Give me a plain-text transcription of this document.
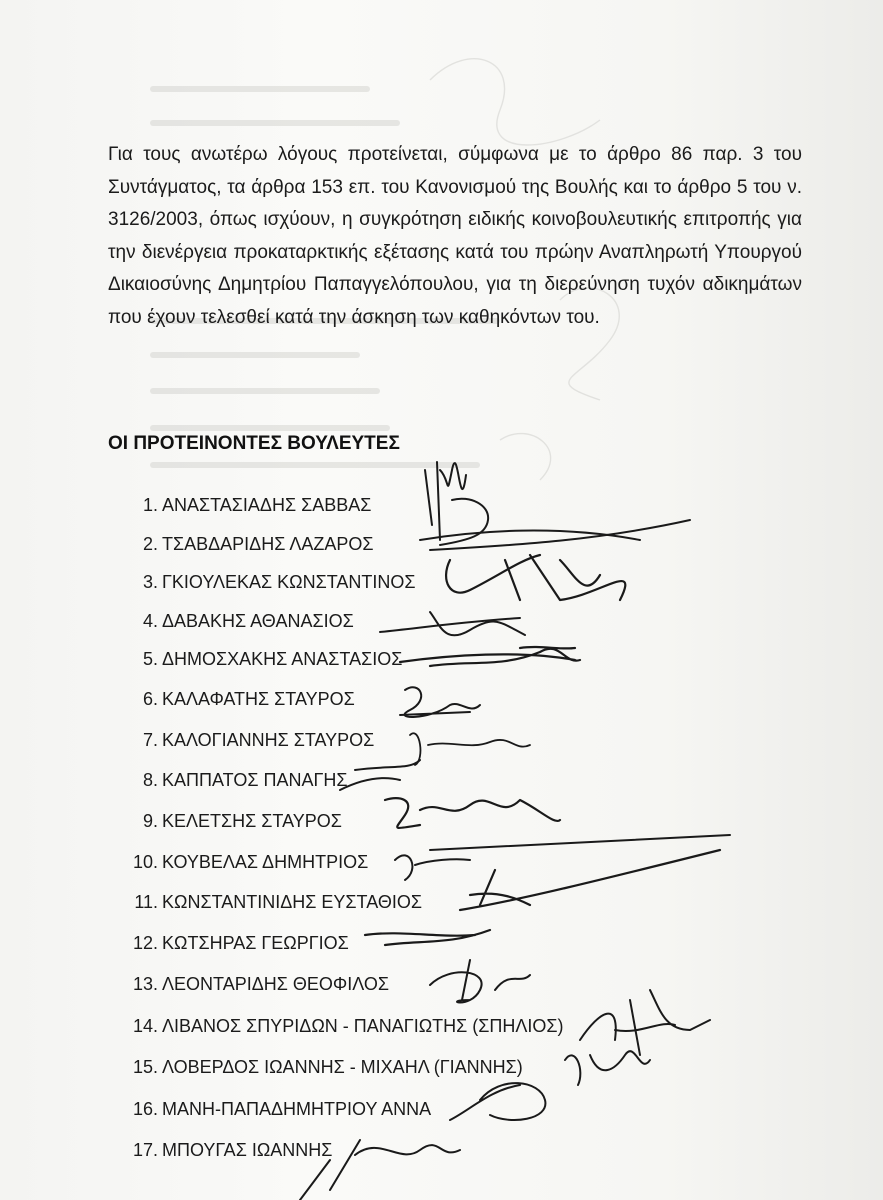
Για τους ανωτέρω λόγους προτείνεται, σύμφωνα με το άρθρο 86 παρ. 3 του Συντάγματος, τα άρθρα 153 επ. του Κανονισμού της Βουλής και το άρθρο 5 του ν. 3126/2003, όπως ισχύουν, η συγκρότηση ειδικής κοινοβουλευτικής επιτροπής για την διενέργεια προκαταρκτικής εξέτασης κατά του πρώην Αναπληρωτή Υπουργού Δικαιοσύνης Δημητρίου Παπαγγελόπουλου, για τη διερεύνηση τυχόν αδικημάτων που έχουν τελεσθεί κατά την άσκηση των καθηκόντων του.

ΟΙ ΠΡΟΤΕΙΝΟΝΤΕΣ ΒΟΥΛΕΥΤΕΣ
1. ΑΝΑΣΤΑΣΙΑΔΗΣ ΣΑΒΒΑΣ
2. ΤΣΑΒΔΑΡΙΔΗΣ ΛΑΖΑΡΟΣ
3. ΓΚΙΟΥΛΕΚΑΣ ΚΩΝΣΤΑΝΤΙΝΟΣ
4. ΔΑΒΑΚΗΣ ΑΘΑΝΑΣΙΟΣ
5. ΔΗΜΟΣΧΑΚΗΣ ΑΝΑΣΤΑΣΙΟΣ
6. ΚΑΛΑΦΑΤΗΣ ΣΤΑΥΡΟΣ
7. ΚΑΛΟΓΙΑΝΝΗΣ ΣΤΑΥΡΟΣ
8. ΚΑΠΠΑΤΟΣ ΠΑΝΑΓΗΣ
9. ΚΕΛΕΤΣΗΣ ΣΤΑΥΡΟΣ
10. ΚΟΥΒΕΛΑΣ ΔΗΜΗΤΡΙΟΣ
11. ΚΩΝΣΤΑΝΤΙΝΙΔΗΣ ΕΥΣΤΑΘΙΟΣ
12. ΚΩΤΣΗΡΑΣ ΓΕΩΡΓΙΟΣ
13. ΛΕΟΝΤΑΡΙΔΗΣ ΘΕΟΦΙΛΟΣ
14. ΛΙΒΑΝΟΣ ΣΠΥΡΙΔΩΝ - ΠΑΝΑΓΙΩΤΗΣ (ΣΠΗΛΙΟΣ)
15. ΛΟΒΕΡΔΟΣ ΙΩΑΝΝΗΣ - ΜΙΧΑΗΛ (ΓΙΑΝΝΗΣ)
16. ΜΑΝΗ-ΠΑΠΑΔΗΜΗΤΡΙΟΥ ΑΝΝΑ
17. ΜΠΟΥΓΑΣ ΙΩΑΝΝΗΣ
